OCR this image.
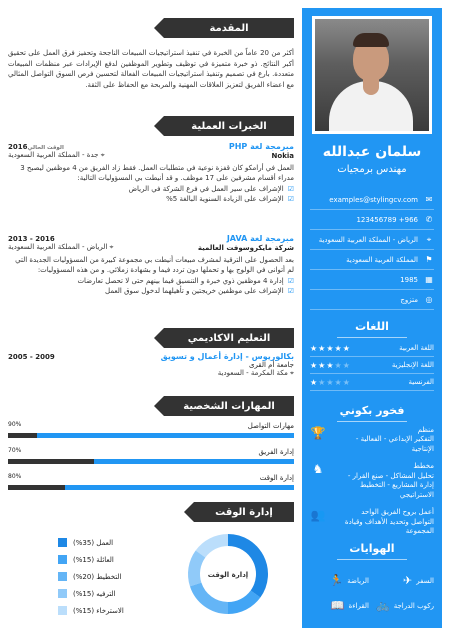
سلمان عبدالله
مهندس برمجيات
✉
examples@stylingcv.com
✆
966+ 123456789
⌖
الرياض - المملكة العربية السعودية
⚑
المملكة العربية السعودية
▦
1985
◎
متزوج
اللغات
اللغة العربية
★★★★★
اللغة الإنجليزية
★★★★★
الفرنسية
★★★★★
فخور بكوني
منظم
التفكير الإبداعي - الفعالية - الإنتاجية
🏆
مخطط
تحليل المشاكل - صنع القرار - إدارة المشاريع - التخطيط الاستراتيجي
♞
أعمل بروح الفريق الواحد
التواصل وتحديد الأهداف وقيادة المجموعة
👥
الهوايات
السفر
✈
الرياضة
🏃
ركوب الدراجة
🚲
القراءة
📖
المقدمة
أكثر من 20 عاماً من الخبرة في تنفيذ استراتيجيات المبيعات الناجحة وتحفيز فرق العمل على تحقيق أكبر النتائج. ذو خبرة متميزة في توظيف وتطوير الموظفين لدفع الإيرادات عبر منظمات المبيعات متعددة. بارع في تصميم وتنفيذ استراتيجيات المبيعات الفعالة لتحسين فرص السوق التواصل المثالي مع اعضاء الفريق لتعزيز العلاقات المهنية والمربحة مع الحفاظ على الثقة.
الخبرات العملية
مبرمجة لغة PHP
2016الوقت الحالي
Nokia
⌖ جدة - المملكة العربية السعودية

العمل في أرامكو كان قفزة نوعية في متطلبات العمل. فقط زاد الفريق من 4 موظفين ليصبح 3 مدراء أقسام مشرفين على 17 موظف. و قد أنيطت بي المسؤوليات التالية:

☑
الإشراف على سير العمل في فرع الشركة في الرياض
☑
الإشراف على الزيادة السنوية البالغة 5%
مبرمجة لغة JAVA
2013 - 2016
شركة مايكروسوفت العالمية
⌖ الرياض - المملكة العربية السعودية

بعد الحصول على الترقية لمشرف مبيعات أنيطت بي مجموعة كبيرة من المسؤوليات الجديدة التي لم أتوانى في الولوج بها و تحملها دون تردد فيما و بشهادة زملائي. و من هذه المسؤوليات:

☑
إدارة 4 موظفين ذوي خبرة و التنسيق فيما بينهم حتى لا تحصل تعارضات
☑
الإشراف على موظفين خريجتين و تأهيلهما لدخول سوق العمل
التعليم الاكاديمي
بكالوريوس - إدارة أعمال و تسويق
2005 - 2009
جامعة أم القرى
⌖ مكة المكرمة - السعودية
المهارات الشخصية
مهارات التواصل
90%
إدارة الفريق
70%
إدارة الوقت
80%
إدارة الوقت
إدارة الوقت
العمل (35%)
العائلة (15%)
التخطيط (20%)
الترفيه (15%)
الاسترخاء (15%)
